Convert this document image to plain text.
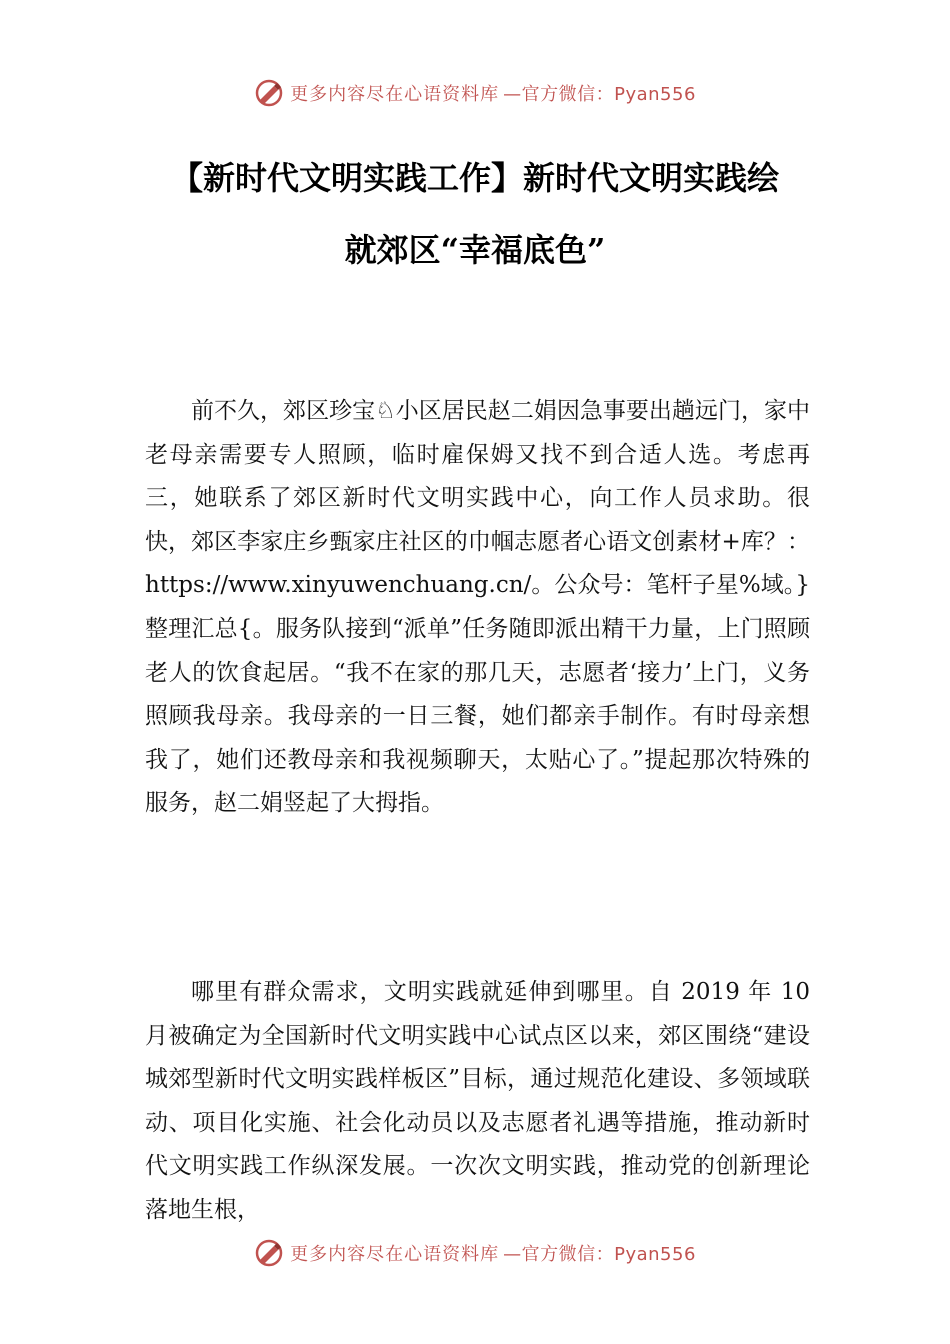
更多内容尽在心语资料库 —官方微信：Pyan556
【新时代文明实践工作】新时代文明实践绘
就郊区“幸福底色”

前不久，郊区珍宝♘小区居民赵二娟因急事要出趟远门，家中老母亲需要专人照顾，临时雇保姆又找不到合适人选。考虑再三，她联系了郊区新时代文明实践中心，向工作人员求助。很快，郊区李家庄乡甄家庄社区的巾帼志愿者心语文创素材+库？：https://www.xinyuwenchuang.cn/。公众号：笔杆子星%域。}整理汇总{。服务队接到“派单”任务随即派出精干力量，上门照顾老人的饮食起居。“我不在家的那几天，志愿者‘接力’上门，义务照顾我母亲。我母亲的一日三餐，她们都亲手制作。有时母亲想我了，她们还教母亲和我视频聊天，太贴心了。”提起那次特殊的服务，赵二娟竖起了大拇指。

哪里有群众需求，文明实践就延伸到哪里。自 2019 年 10 月被确定为全国新时代文明实践中心试点区以来，郊区围绕“建设城郊型新时代文明实践样板区”目标，通过规范化建设、多领域联动、项目化实施、社会化动员以及志愿者礼遇等措施，推动新时代文明实践工作纵深发展。一次次文明实践，推动党的创新理论落地生根，

更多内容尽在心语资料库 —官方微信：Pyan556
